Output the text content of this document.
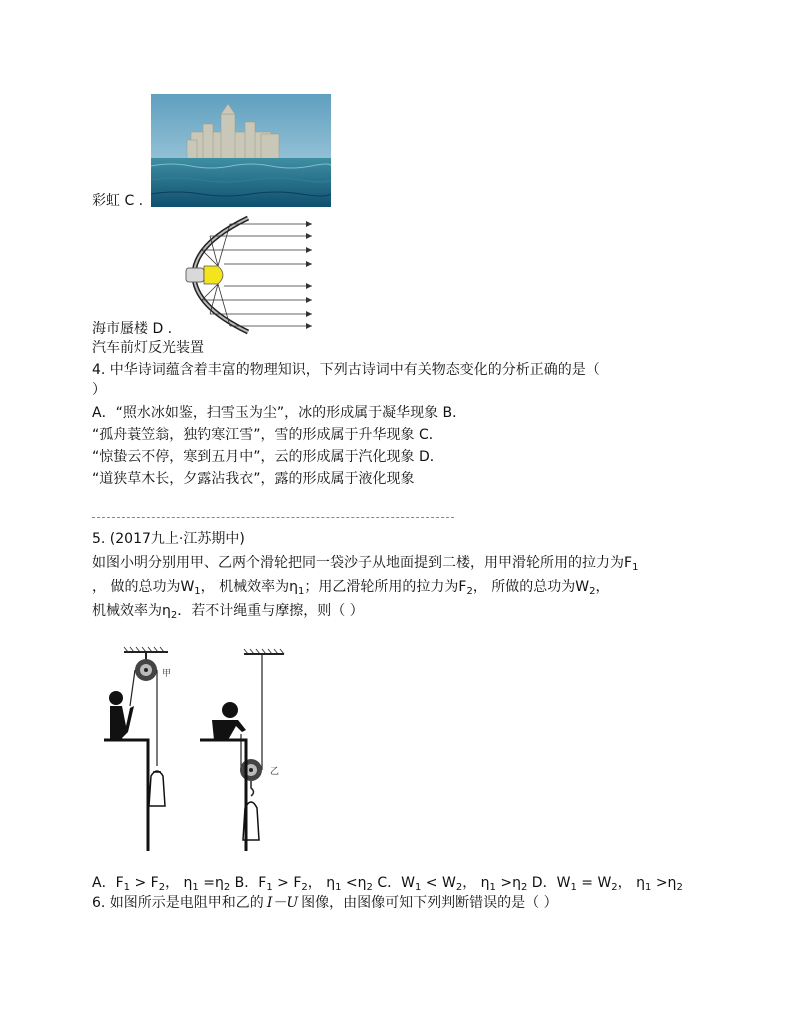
彩虹 C .
海市蜃楼 D .
汽车前灯反光装置
4. 中华诗词蕴含着丰富的物理知识，下列古诗词中有关物态变化的分析正确的是（
）
A．“照水冰如鉴，扫雪玉为尘”，冰的形成属于凝华现象 B．
“孤舟蓑笠翁，独钓寒江雪”，雪的形成属于升华现象 C．
“惊蛰云不停，寒到五月中”，云的形成属于汽化现象 D．
“道狭草木长，夕露沾我衣”，露的形成属于液化现象
5. (2017九上·江苏期中)
如图小明分别用甲、乙两个滑轮把同一袋沙子从地面提到二楼，用甲滑轮所用的拉力为$F_1$
， 做的总功为$W_1$， 机械效率为$\eta_1$；用乙滑轮所用的拉力为$F_2$， 所做的总功为$W_2$，
机械效率为$\eta_2$．若不计绳重与摩擦，则（ ）
甲
乙
A．$F_1 > F_2$， $\eta_1 =\eta_2$ B．$F_1 > F_2$， $\eta_1 <\eta_2$ C．$W_1 < W_2$， $\eta_1 >\eta_2$ D．$W_1 = W_2$， $\eta_1 >\eta_2$
6. 如图所示是电阻甲和乙的 I－U 图像，由图像可知下列判断错误的是（ ）
